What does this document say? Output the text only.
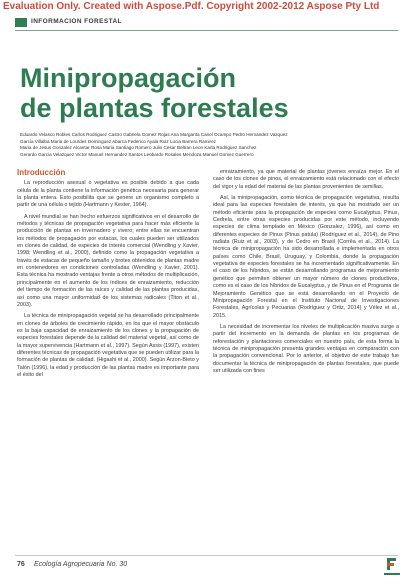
Evaluation Only. Created with Aspose.Pdf. Copyright 2002-2012 Aspose Pty Ltd
INFORMACION FORESTAL
Minipropagación
de plantas forestales

Eduardo Velasco Robles Carlos Rodriguez Castro Gabriela Gomez Rojas Ana Margarita Canel Ocampo Pedro Hernandez Vazquez

Garcia Villalba Maria de Lourdes Dominguez Abarca Federico Ayala Ruiz Lucia Barrera Ramirez

Maria de Jesus Gonzalez Alcantar Rosa Maria Santiago Romero Julio Cesar Beltran Leon Karla Rodriguez Sanchez

Gerardo Garcia Velazquez Victor Manuel Hernandez Santos Leobardo Rosales Mendoza Manuel Gomez Guerrero

Introducción

La reproducción asexual o vegetativa es posible debido a que cada célula de la planta contiene la información genética necesaria para generar la planta entera. Esto posibilita que se genere un organismo completo a partir de una célula o tejido (Hartmann y Kester, 1964).

A nivel mundial se han hecho esfuerzos significativos en el desarrollo de métodos y técnicas de propagación vegetativa para hacer más eficiente la producción de plantas en invernadero y vivero; entre ellas se encuentran los métodos de propagación por estacas, los cuales pueden ser utilizados en clones de calidad, de especies de interés comercial (Wendling y Xavier, 1998; Wendling et al., 2000), definido como la propagación vegetativa a través de estacas de pequeño tamaño y brotes obtenidos de plantas madre en contenedores en condiciones controladas (Wendling y Xavier, 2001). Esta técnica ha mostrado ventajas frente a otros métodos de multiplicación, principalmente en el aumento de los índices de enraizamiento, reducción del tiempo de formación de las raíces y calidad de las plantas producidas, así como una mayor uniformidad de los sistemas radicales (Titon et al., 2003).

La técnica de minipropagación vegetal se ha desarrollado principalmente en clones de árboles de crecimiento rápido, en los que el mayor obstáculo es la baja capacidad de enraizamiento de los clones y la propagación de especies forestales depende de la calidad del material vegetal, así como de la mayor supervivencia (Hartmann et al., 1997). Según Assis (1997), existen diferentes técnicas de propagación vegetativa que se pueden utilizar para la formación de plantas de calidad. (Higashi et al., 2000). Según Arzon-Bieto y Talón (1996), la edad y producción de las plantas madre es importante para el éxito del

enraizamiento, ya que material de plantas jóvenes enraíza mejor. En el caso de los clones de pinos, el enraizamiento está relacionado con el efecto del vigor y la edad del material de las plantas provenientes de semillas.

Así, la minipropagación, como técnica de propagación vegetativa, resulta ideal para las especies forestales de interés, ya que ha mostrado ser un método eficiente para la propagación de especies como Eucalyptus, Pinus, Cedrela, entre otras especies producidas por este método, incluyendo especies de clima templado en México (Gonzalez, 1996), así como en diferentes especies de Pinus (Pinus patula) (Rodríguez et al., 2014), de Pino radiata (Ruiz et al., 2003), y de Cedro en Brasil (Corrêa et al., 2014). La técnica de minipropagación ha sido desarrollada e implementada en otros países como Chile, Brasil, Uruguay, y Colombia, donde la propagación vegetativa de especies forestales se ha incrementado significativamente. En el caso de los híbridos, se están desarrollando programas de mejoramiento genético que permiten obtener un mayor número de clones productivos, como es el caso de los híbridos de Eucalyptus, y de Pinus en el Programa de Mejoramiento Genético que se está desarrollando en el Proyecto de Minipropagación Forestal en el Instituto Nacional de Investigaciones Forestales, Agrícolas y Pecuarias (Rodríguez y Ortiz, 2014) y Vélez et al., 2015.

La necesidad de incrementar los niveles de multiplicación masiva surge a partir del incremento en la demanda de plantas en los programas de reforestación y plantaciones comerciales en nuestro país, de esta forma la técnica de minipropagación presenta grandes ventajas en comparación con la propagación convencional. Por lo anterior, el objetivo de este trabajo fue documentar la técnica de minipropagación de plantas forestales, que puede ser utilizada con fines

76 Ecología Agropecuaria No. 30
